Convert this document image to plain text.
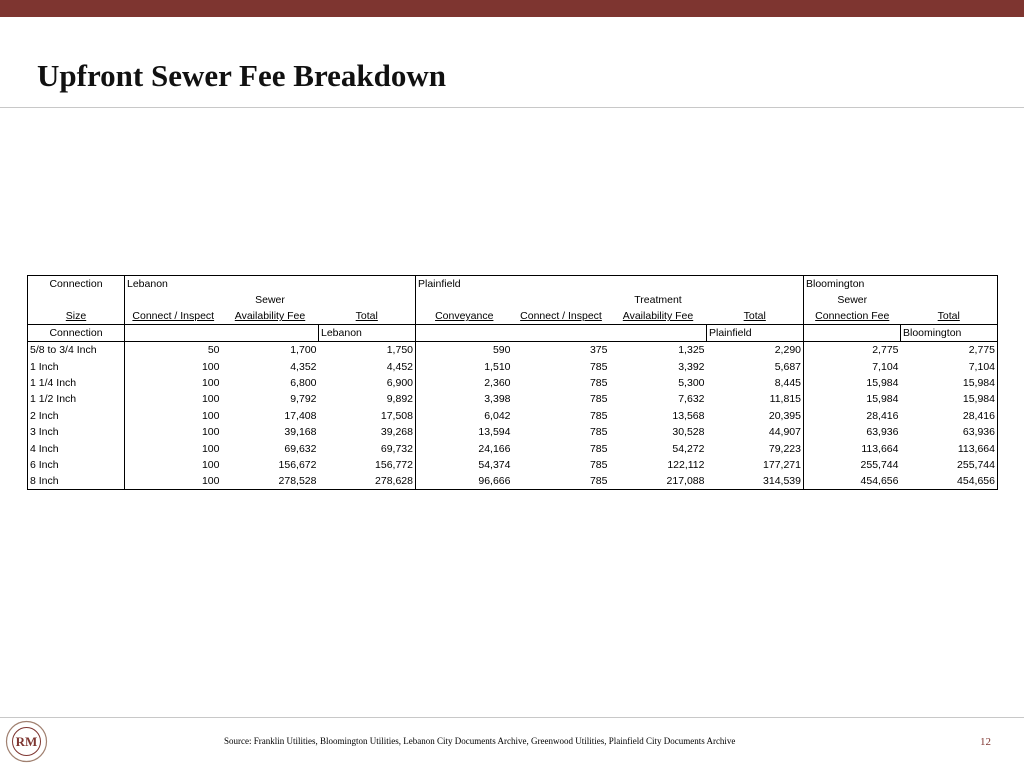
Upfront Sewer Fee Breakdown
Connection	Lebanon			Plainfield				Bloomington	
		Sewer				Treatment		Sewer	
Size	Connect / Inspect	Availability Fee	Total	Conveyance	Connect / Inspect	Availability Fee	Total	Connection Fee	Total
Connection			Lebanon				Plainfield		Bloomington
5/8 to 3/4 Inch	50	1,700	1,750	590	375	1,325	2,290	2,775	2,775
1 Inch	100	4,352	4,452	1,510	785	3,392	5,687	7,104	7,104
1 1/4 Inch	100	6,800	6,900	2,360	785	5,300	8,445	15,984	15,984
1 1/2 Inch	100	9,792	9,892	3,398	785	7,632	11,815	15,984	15,984
2 Inch	100	17,408	17,508	6,042	785	13,568	20,395	28,416	28,416
3 Inch	100	39,168	39,268	13,594	785	30,528	44,907	63,936	63,936
4 Inch	100	69,632	69,732	24,166	785	54,272	79,223	113,664	113,664
6 Inch	100	156,672	156,772	54,374	785	122,112	177,271	255,744	255,744
8 Inch	100	278,528	278,628	96,666	785	217,088	314,539	454,656	454,656
RM	Source: Franklin Utilities, Bloomington Utilities, Lebanon City Documents Archive, Greenwood Utilities, Plainfield City Documents Archive	12
